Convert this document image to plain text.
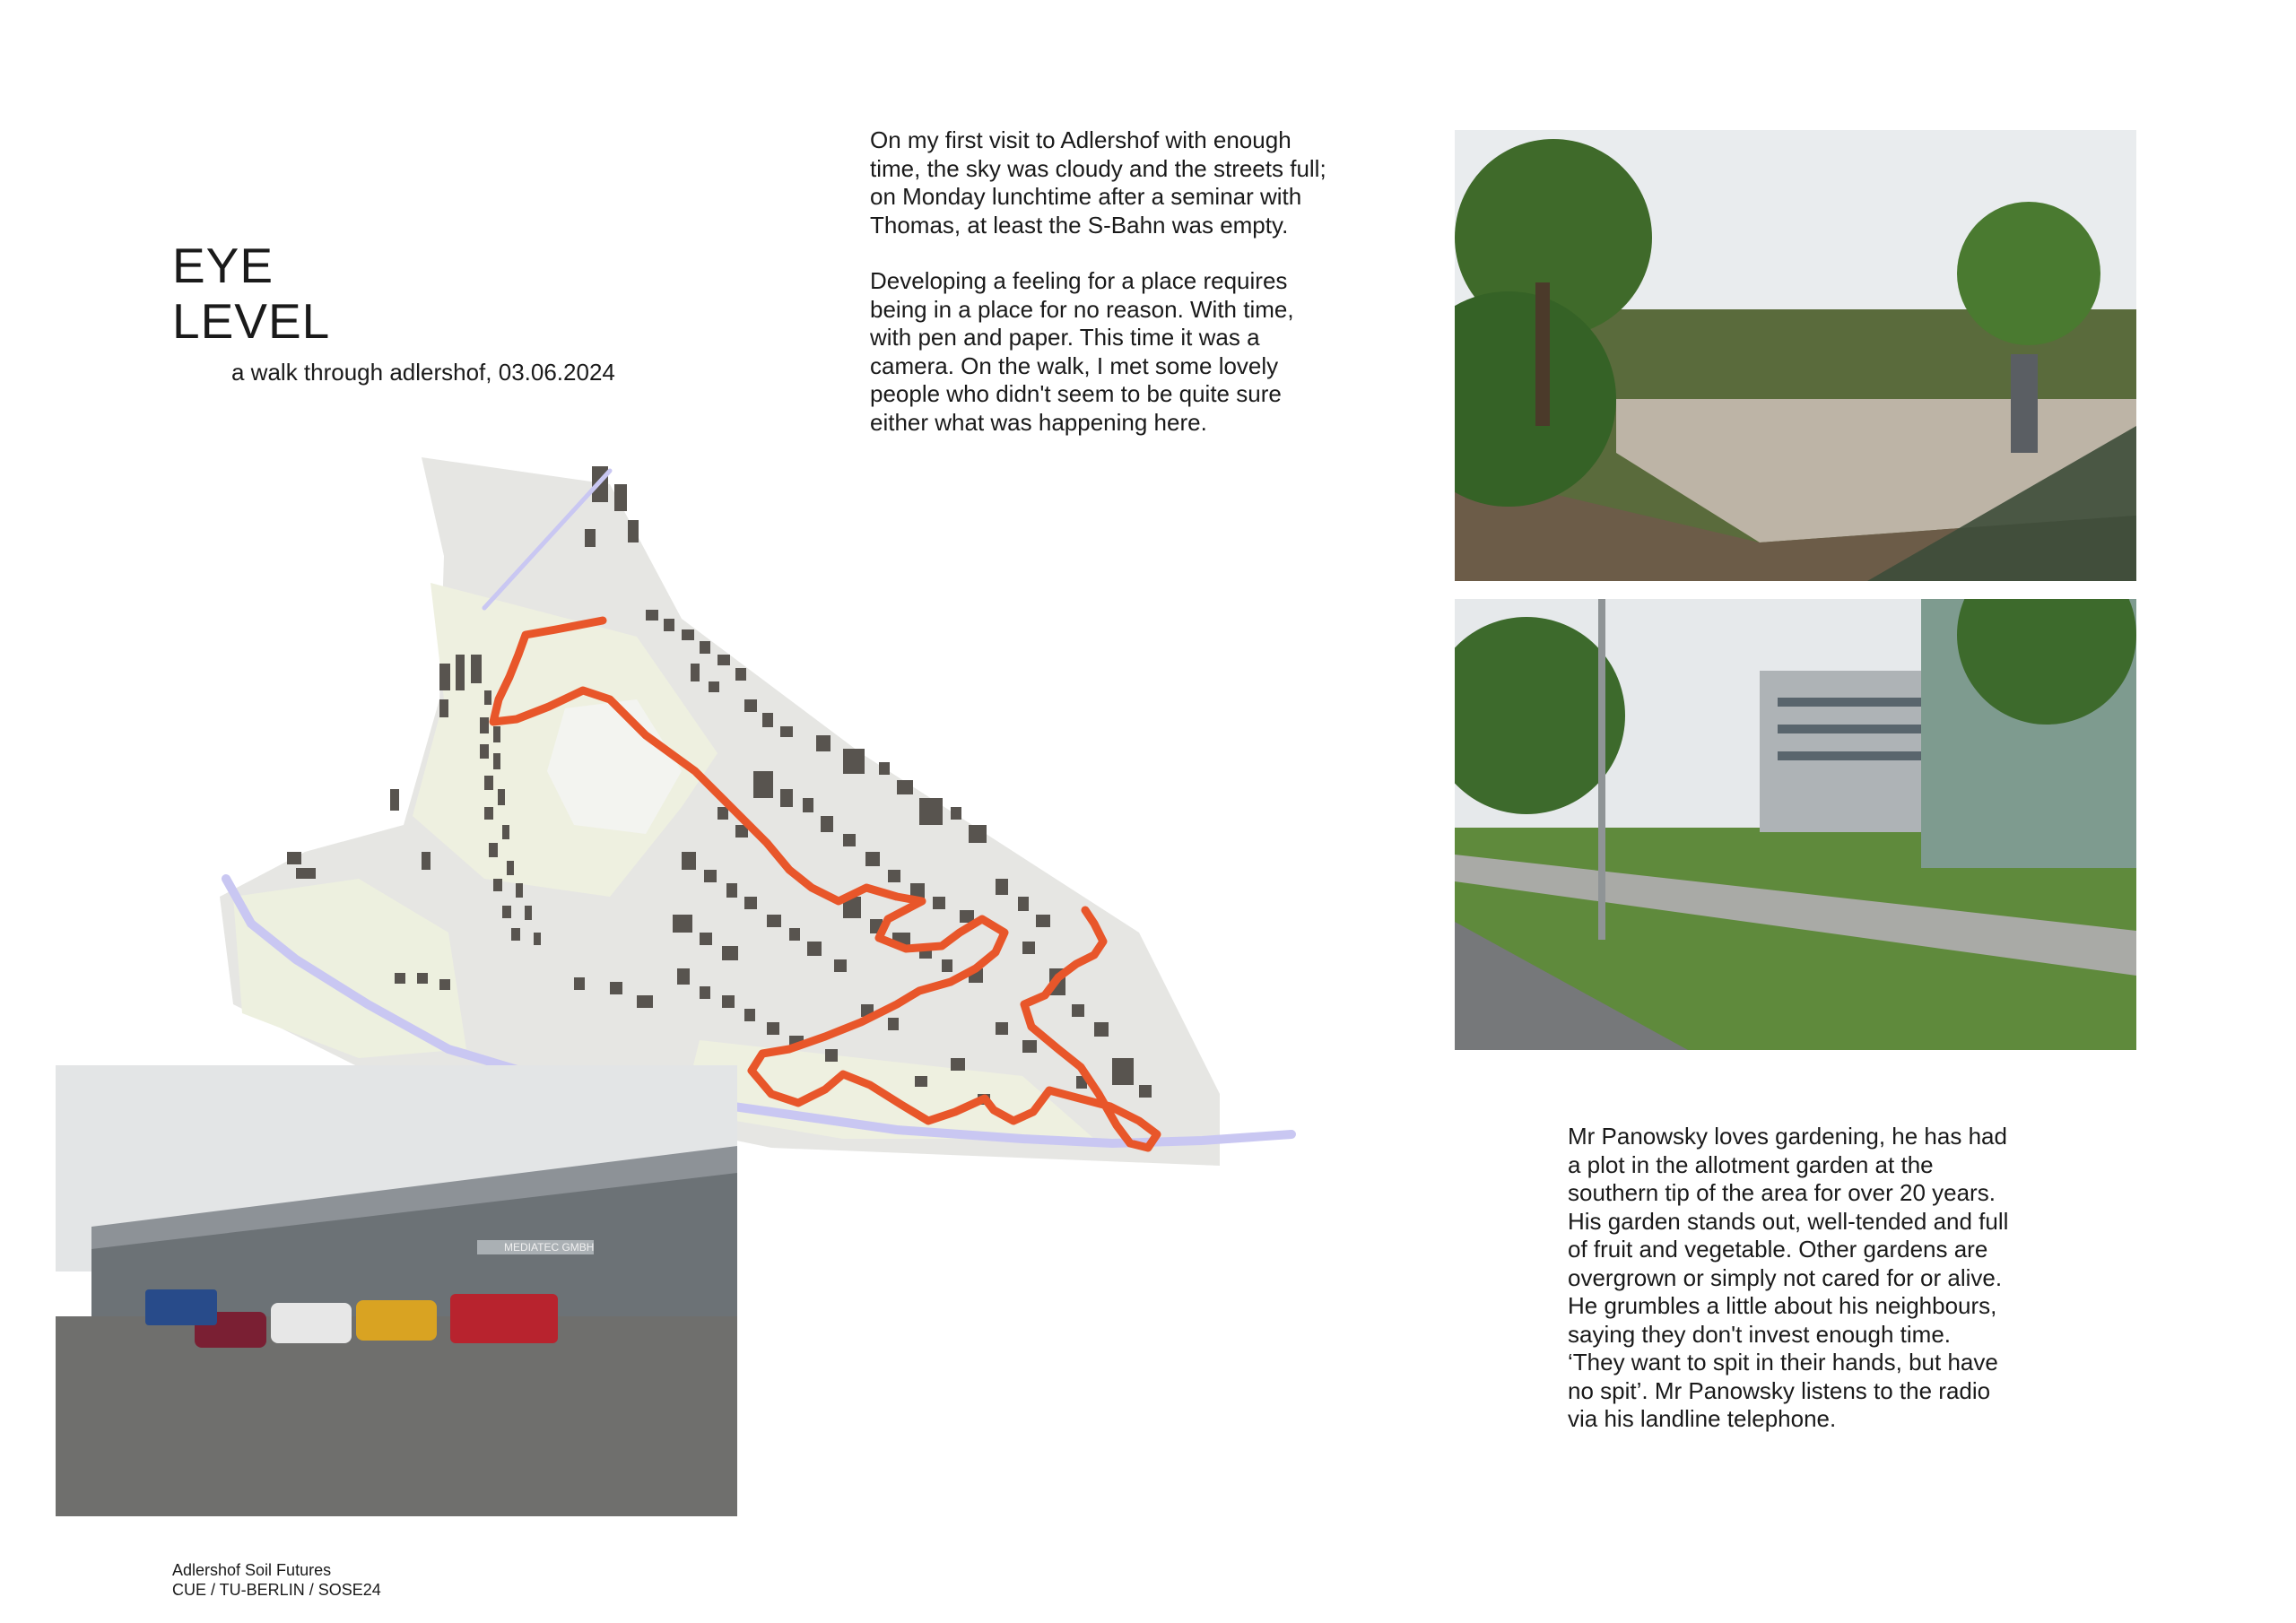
EYE
LEVEL
a walk through adlershof, 03.06.2024

On my first visit to Adlershof with enough time, the sky was cloudy and the streets full; on Monday lunchtime after a seminar with Thomas, at least the S-Bahn was empty.

Developing a feeling for a place requires being in a place for no reason. With time, with pen and paper. This time it was a camera. On the walk, I met some lovely people who didn't seem to be quite sure either what was happening here.

MEDIATEC GMBH

Mr Panowsky loves gardening, he has had a plot in the allotment garden at the southern tip of the area for over 20 years. His garden stands out, well-tended and full of fruit and vegetable. Other gardens are overgrown or simply not cared for or alive. He grumbles a little about his neighbours, saying they don't invest enough time. ‘They want to spit in their hands, but have no spit’. Mr Panowsky listens to the radio via his landline telephone.

Adlershof Soil Futures
CUE / TU-BERLIN / SOSE24
